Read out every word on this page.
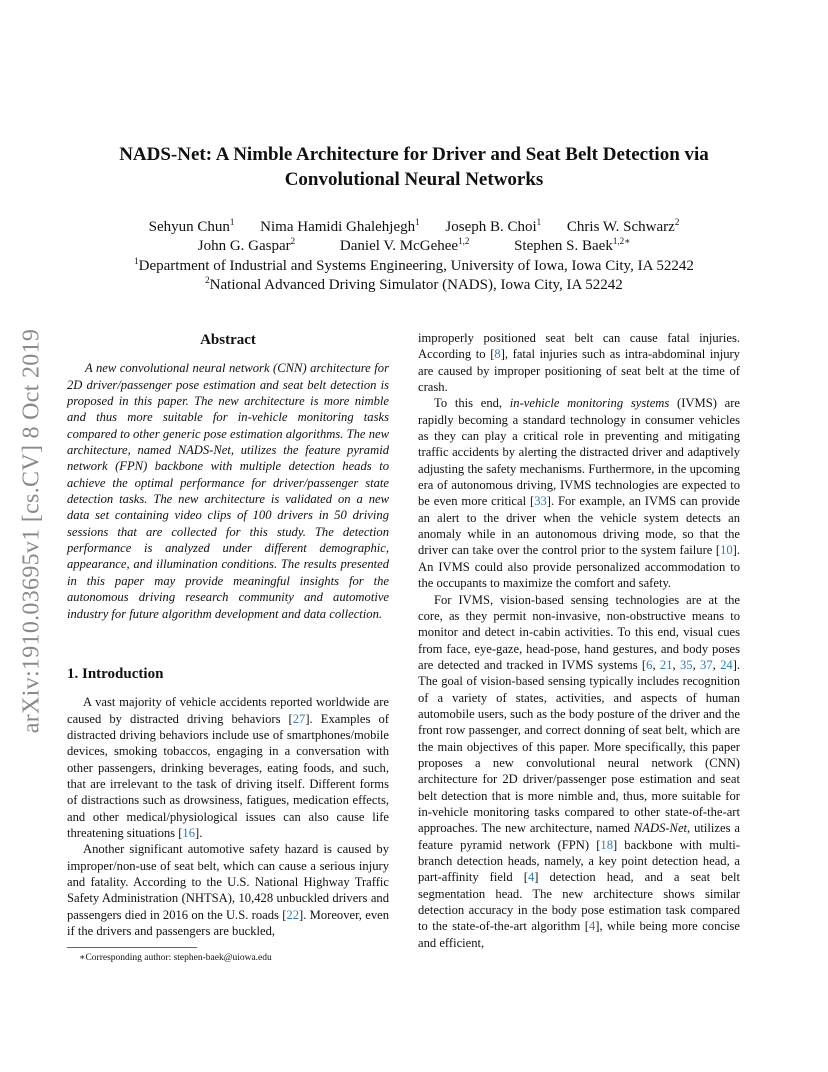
arXiv:1910.03695v1 [cs.CV] 8 Oct 2019
NADS-Net: A Nimble Architecture for Driver and Seat Belt Detection via
Convolutional Neural Networks
Sehyun Chun$^1$ Nima Hamidi Ghalehjegh$^1$ Joseph B. Choi$^1$ Chris W. Schwarz$^2$
John G. Gaspar$^2$	Daniel V. McGehee$^{1,2}$	Stephen S. Baek$^{1,2∗}$
$^1$Department of Industrial and Systems Engineering, University of Iowa, Iowa City, IA 52242
$^2$National Advanced Driving Simulator (NADS), Iowa City, IA 52242
Abstract

A new convolutional neural network (CNN) architecture for 2D driver/passenger pose estimation and seat belt detection is proposed in this paper. The new architecture is more nimble and thus more suitable for in-vehicle monitoring tasks compared to other generic pose estimation algorithms. The new architecture, named NADS-Net, utilizes the feature pyramid network (FPN) backbone with multiple detection heads to achieve the optimal performance for driver/passenger state detection tasks. The new architecture is validated on a new data set containing video clips of 100 drivers in 50 driving sessions that are collected for this study. The detection performance is analyzed under different demographic, appearance, and illumination conditions. The results presented in this paper may provide meaningful insights for the autonomous driving research community and automotive industry for future algorithm development and data collection.

1. Introduction

A vast majority of vehicle accidents reported worldwide are caused by distracted driving behaviors [27]. Examples of distracted driving behaviors include use of smartphones/mobile devices, smoking tobaccos, engaging in a conversation with other passengers, drinking beverages, eating foods, and such, that are irrelevant to the task of driving itself. Different forms of distractions such as drowsiness, fatigues, medication effects, and other medical/physiological issues can also cause life threatening situations [16].

Another significant automotive safety hazard is caused by improper/non-use of seat belt, which can cause a serious injury and fatality. According to the U.S. National Highway Traffic Safety Administration (NHTSA), 10,428 unbuckled drivers and passengers died in 2016 on the U.S. roads [22]. Moreover, even if the drivers and passengers are buckled,

∗Corresponding author: stephen-baek@uiowa.edu

improperly positioned seat belt can cause fatal injuries. According to [8], fatal injuries such as intra-abdominal injury are caused by improper positioning of seat belt at the time of crash.

To this end, in-vehicle monitoring systems (IVMS) are rapidly becoming a standard technology in consumer vehicles as they can play a critical role in preventing and mitigating traffic accidents by alerting the distracted driver and adaptively adjusting the safety mechanisms. Furthermore, in the upcoming era of autonomous driving, IVMS technologies are expected to be even more critical [33]. For example, an IVMS can provide an alert to the driver when the vehicle system detects an anomaly while in an autonomous driving mode, so that the driver can take over the control prior to the system failure [10]. An IVMS could also provide personalized accommodation to the occupants to maximize the comfort and safety.

For IVMS, vision-based sensing technologies are at the core, as they permit non-invasive, non-obstructive means to monitor and detect in-cabin activities. To this end, visual cues from face, eye-gaze, head-pose, hand gestures, and body poses are detected and tracked in IVMS systems [6, 21, 35, 37, 24]. The goal of vision-based sensing typically includes recognition of a variety of states, activities, and aspects of human automobile users, such as the body posture of the driver and the front row passenger, and correct donning of seat belt, which are the main objectives of this paper. More specifically, this paper proposes a new convolutional neural network (CNN) architecture for 2D driver/passenger pose estimation and seat belt detection that is more nimble and, thus, more suitable for in-vehicle monitoring tasks compared to other state-of-the-art approaches. The new architecture, named NADS-Net, utilizes a feature pyramid network (FPN) [18] backbone with multi-branch detection heads, namely, a key point detection head, a part-affinity field [4] detection head, and a seat belt segmentation head. The new architecture shows similar detection accuracy in the body pose estimation task compared to the state-of-the-art algorithm [4], while being more concise and efficient,
